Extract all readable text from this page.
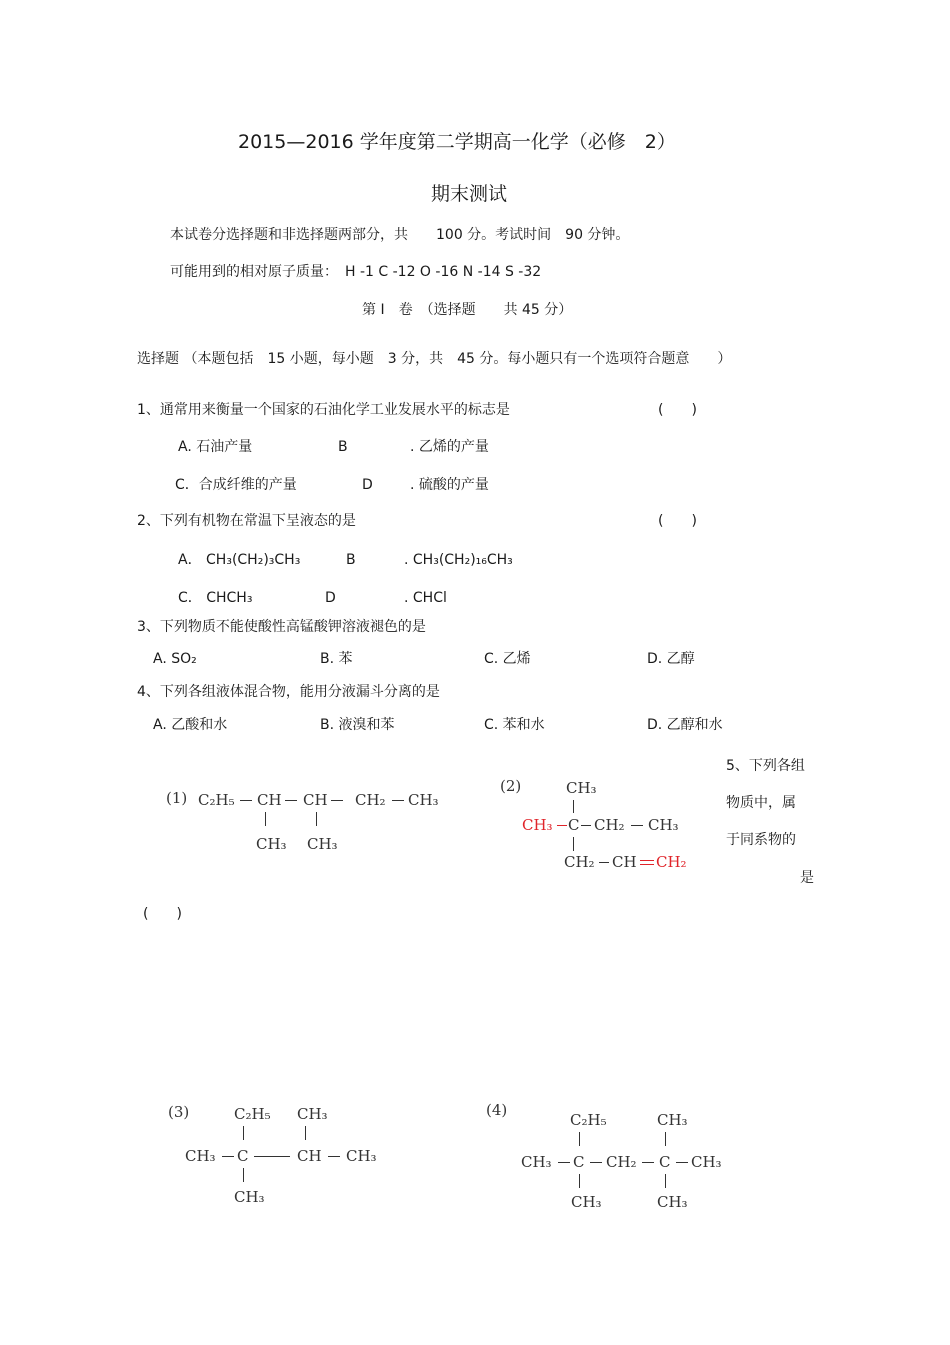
2015—2016 学年度第二学期高一化学（必修　2）
期末测试
本试卷分选择题和非选择题两部分，共　　100 分。考试时间　90 分钟。
可能用到的相对原子质量：　H -1 C -12 O -16 N -14 S -32
第 I　卷　（选择题　　共 45 分）
选择题 （本题包括　15 小题，每小题　3 分，共　45 分。每小题只有一个选项符合题意　　）
1、通常用来衡量一个国家的石油化学工业发展水平的标志是	(　　)
A. 石油产量	B	. 乙烯的产量
C．合成纤维的产量	D	. 硫酸的产量
2、下列有机物在常温下呈液态的是	(　　)
A． CH₃(CH₂)₃CH₃	B	. CH₃(CH₂)₁₆CH₃
C． CHCH₃	D	. CHCl
3、下列物质不能使酸性高锰酸钾溶液褪色的是
A. SO₂	B. 苯	C. 乙烯	D. 乙醇
4、下列各组液体混合物，能用分液漏斗分离的是
A. 乙酸和水	B. 液溴和苯	C. 苯和水	D. 乙醇和水
5、下列各组
物质中，属
于同系物的
是
(　　)
(1) C₂H₅ CH CH CH₂ CH₃
CH₃ CH₃
(2)	CH₃
CH₃ C CH₂ CH₃
CH₂ CH CH₂
(3)	C₂H₅ CH₃
CH₃ C	CH CH₃
CH₃
(4)
C₂H₅	CH₃
CH₃ C CH₂ C CH₃
CH₃	CH₃
